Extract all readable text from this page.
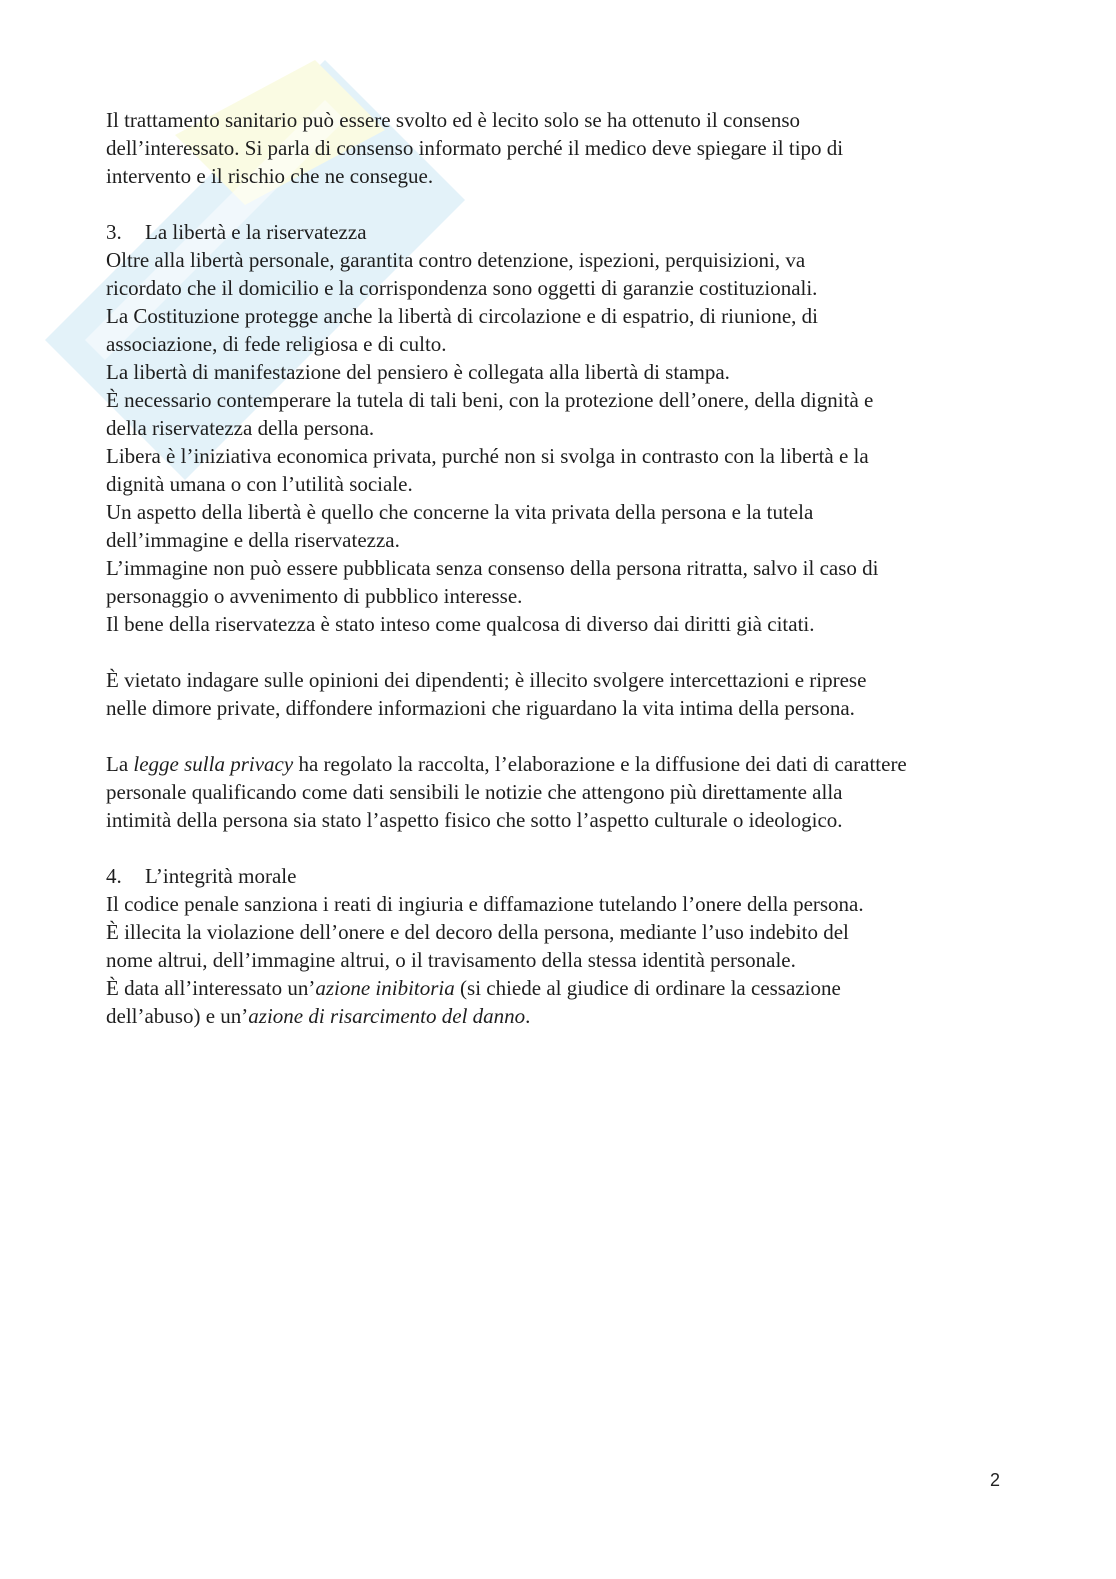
Il trattamento sanitario può essere svolto ed è lecito solo se ha ottenuto il consenso
dell’interessato. Si parla di consenso informato perché il medico deve spiegare il tipo di
intervento e il rischio che ne consegue.
3. La libertà e la riservatezza
Oltre alla libertà personale, garantita contro detenzione, ispezioni, perquisizioni, va
ricordato che il domicilio e la corrispondenza sono oggetti di garanzie costituzionali.
La Costituzione protegge anche la libertà di circolazione e di espatrio, di riunione, di
associazione, di fede religiosa e di culto.
La libertà di manifestazione del pensiero è collegata alla libertà di stampa.
È necessario contemperare la tutela di tali beni, con la protezione dell’onere, della dignità e
della riservatezza della persona.
Libera è l’iniziativa economica privata, purché non si svolga in contrasto con la libertà e la
dignità umana o con l’utilità sociale.
Un aspetto della libertà è quello che concerne la vita privata della persona e la tutela
dell’immagine e della riservatezza.
L’immagine non può essere pubblicata senza consenso della persona ritratta, salvo il caso di
personaggio o avvenimento di pubblico interesse.
Il bene della riservatezza è stato inteso come qualcosa di diverso dai diritti già citati.
È vietato indagare sulle opinioni dei dipendenti; è illecito svolgere intercettazioni e riprese
nelle dimore private, diffondere informazioni che riguardano la vita intima della persona.
La legge sulla privacy ha regolato la raccolta, l’elaborazione e la diffusione dei dati di carattere
personale qualificando come dati sensibili le notizie che attengono più direttamente alla
intimità della persona sia stato l’aspetto fisico che sotto l’aspetto culturale o ideologico.
4. L’integrità morale
Il codice penale sanziona i reati di ingiuria e diffamazione tutelando l’onere della persona.
È illecita la violazione dell’onere e del decoro della persona, mediante l’uso indebito del
nome altrui, dell’immagine altrui, o il travisamento della stessa identità personale.
È data all’interessato un’azione inibitoria (si chiede al giudice di ordinare la cessazione
dell’abuso) e un’azione di risarcimento del danno.
2
